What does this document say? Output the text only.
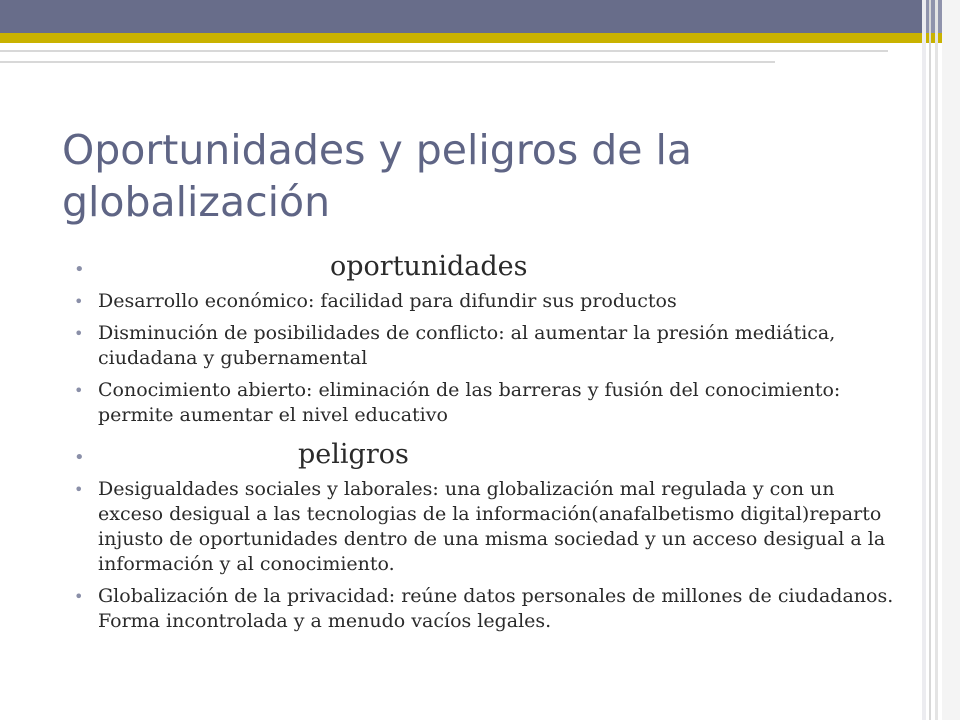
Oportunidades y peligros de la globalización
•	oportunidades
• Desarrollo económico: facilidad para difundir sus productos
• Disminución de posibilidades de conflicto: al aumentar la presión mediática, ciudadana y gubernamental
• Conocimiento abierto: eliminación de las barreras y fusión del conocimiento: permite aumentar el nivel educativo
•	peligros
• Desigualdades sociales y laborales: una globalización mal regulada y con un exceso desigual a las tecnologias de la información(anafalbetismo digital)reparto injusto de oportunidades dentro de una misma sociedad y un acceso desigual a la información y al conocimiento.
• Globalización de la privacidad: reúne datos personales de millones de ciudadanos. Forma incontrolada y a menudo vacíos legales.
